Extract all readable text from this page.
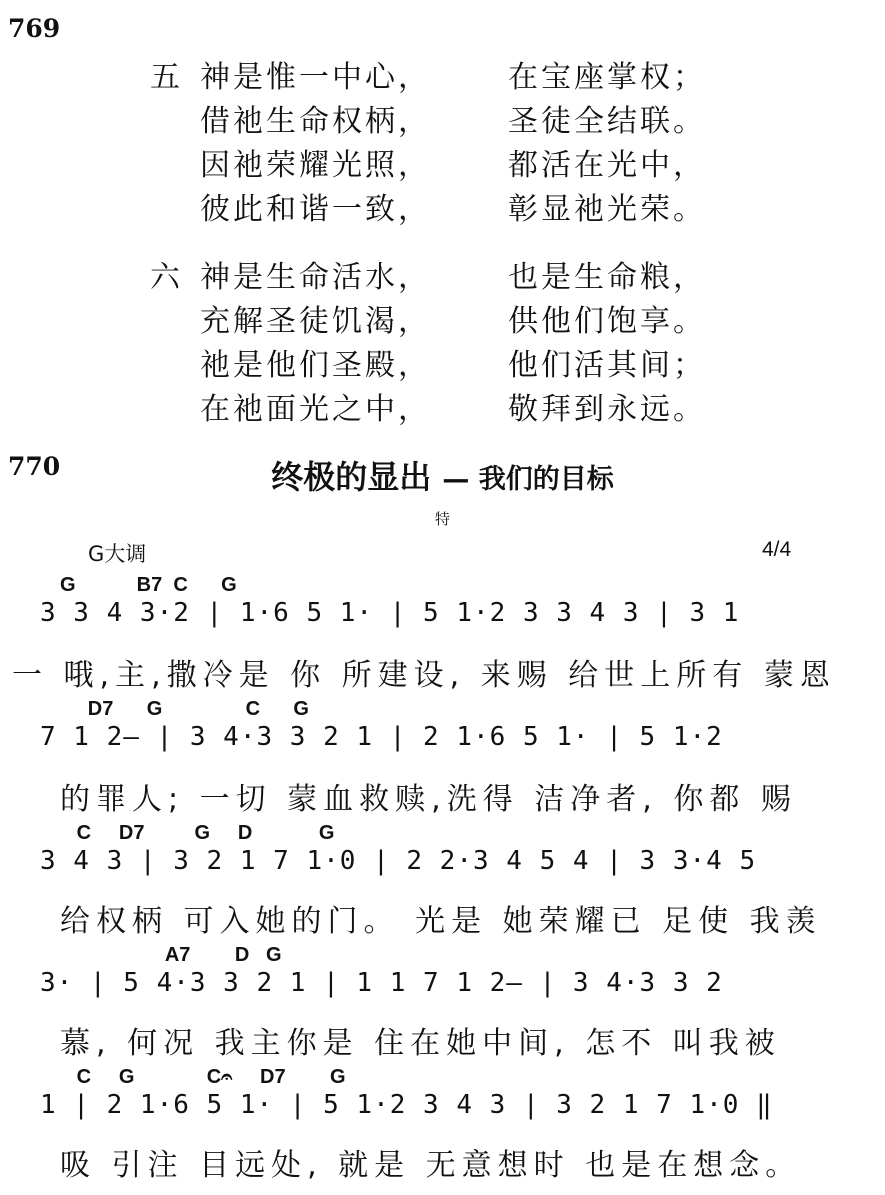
769
五 神是惟一中心，	在宝座掌权；
借祂生命权柄，	圣徒全结联。
因祂荣耀光照，	都活在光中，
彼此和谐一致，	彰显祂光荣。
六 神是生命活水，	也是生命粮，
充解圣徒饥渴，	供他们饱享。
祂是他们圣殿，	他们活其间；
在祂面光之中，	敬拜到永远。
770	终极的显出 — 我们的目标
特
G大调	4/4
G           B7  C      G
3 3 4 3·2 | 1·6 5 1· | 5 1·2 3 3 4 3 | 3 1
一 哦,主,撒冷是 你 所建设, 来赐 给世上所有 蒙恩
D7      G               C      G
7 1 2— | 3 4·3 3 2 1 | 2 1·6 5 1· | 5 1·2
的罪人; 一切 蒙血救赎,洗得 洁净者, 你都 赐
C     D7         G     D            G
3 4 3 | 3 2 1 7 1·0 | 2 2·3 4 5 4 | 3 3·4 5
给权柄 可入她的门。 光是 她荣耀已 足使 我羡
A7        D   G
3· | 5 4·3 3 2 1 | 1 1 7 1 2— | 3 4·3 3 2
慕, 何况 我主你是 住在她中间, 怎不 叫我被
C     G             C𝄐     D7        G
1 | 2 1·6 5 1· | 5 1·2 3 4 3 | 3 2 1 7 1·0 ‖
吸 引注 目远处, 就是 无意想时 也是在想念。
